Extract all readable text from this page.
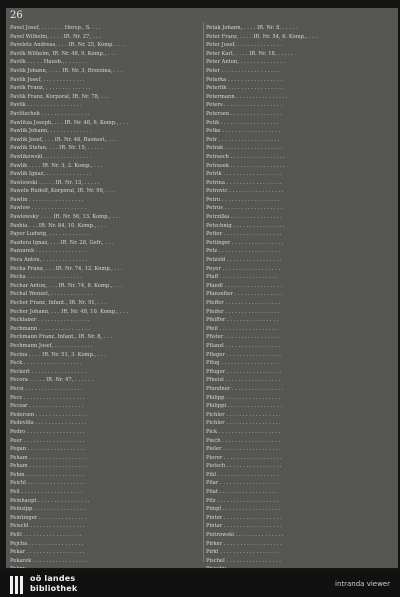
26
Pavel Josef, . . . . . . . Hersp., S. . . .
Pavel Wilhelm, . . . . IR. Nr. 27, . . .
Paveletz Andreas, . . . IR. Nr. 25, Komp. . . .
Pavlik Wilhelm, IR. Nr. 48, 9. Komp., . . .
Pavlik . . . . . Hausb., . . . . . . .
Pavlik Johann, . . . . IR. Nr. 3, Brzezina, . . .
Pavlik Josef, . . . . . . . . . . . . .
Pavlik Franz, . . . . . . . . . . . . . .
Pavlik Franz, Korporal, IR. Nr. 78, . . .
Pavlik . . . . . . . . . . . . . . . . .
Pavlitschek . . . . . . . . . . . . . . .
Pawlitza Joseph, . . . IR. Nr. 48, 6. Komp., . . .
Pawlik Johann, . . . . . . . . . . . . .
Pawlik Josef, . . . IR. Nr. 48, Baonsst., . . .
Pawlik Stefan, . . . IR. Nr. 15, . . . . .
Pawlikowski . . . . . . . . . . . . . . .
Pawlik . . . . IR. Nr. 3, 2. Komp., . . .
Pawlik Ignaz, . . . . . . . . . . . . . .
Pawlowski . . . . . IR. Nr. 13, . . . . .
Paweln Rudolf, Korporal, IR. Nr. 99, . . .
Pawlin . . . . . . . . . . . . . . . . .
Pawlow . . . . . . . . . . . . . . . . .
Pawlowsky . . . . IR. Nr. 56, 13. Komp., . . .
Paxhia . . . IR. Nr. 84, 10. Komp., . . .
Payer Ludwig, . . . . . . . . . . . . .
Pazdera Ignaz, . . . IR. Nr. 28, Gefr., . . .
Pazourek . . . . . . . . . . . . . . . .
Peca Anton, . . . . . . . . . . . . . .
Pecha Franz, . . . IR. Nr. 74, 12. Komp., . . .
Pecha . . . . . . . . . . . . . . . . .
Pechar Anton, . . . IR. Nr. 74, 8. Komp., . . .
Pechal Wenzel, . . . . . . . . . . . . .
Pecher Franz, Infant., IR. Nr. 91, . . .
Pecher Johann, . . . IR. Nr. 48, 10. Komp., . . .
Pechlaner . . . . . . . . . . . . . . . .
Pechmann . . . . . . . . . . . . . . . .
Pechmann Franz, Infant., IR. Nr. 8, . . .
Pechmann Josef, . . . . . . . . . . . .
Pecina . . . . IR. Nr. 51, 3. Komp., . . .
Peck . . . . . . . . . . . . . . . . . .
Peckert . . . . . . . . . . . . . . . . .
Pecora . . . . . IR. Nr. 47, . . . . . .
Pecsi . . . . . . . . . . . . . . . . . .
Pecz . . . . . . . . . . . . . . . . . . .
Peczar . . . . . . . . . . . . . . . . .
Pedersen . . . . . . . . . . . . . . . .
Pedevilla . . . . . . . . . . . . . . . .
Pedro . . . . . . . . . . . . . . . . . .
Peer . . . . . . . . . . . . . . . . . . .
Pegan . . . . . . . . . . . . . . . . . .
Peham . . . . . . . . . . . . . . . . . .
Peham . . . . . . . . . . . . . . . . . .
Pehm . . . . . . . . . . . . . . . . . .
Peichl . . . . . . . . . . . . . . . . . .
Peil . . . . . . . . . . . . . . . . . . .
Peinhaupt . . . . . . . . . . . . . . . .
Peinsipp . . . . . . . . . . . . . . . .
Peintinger . . . . . . . . . . . . . . .
Peischl . . . . . . . . . . . . . . . . .
Peitl . . . . . . . . . . . . . . . . . .
Pejcha . . . . . . . . . . . . . . . . .
Pekar . . . . . . . . . . . . . . . . . .
Pekarek . . . . . . . . . . . . . . . . .
Petak Johann, . . . . IR. Nr. 8, . . . . .
Peter Franz, . . . . IR. Nr. 54, 6. Komp., . . .
Peter Josef, . . . . . . . . . . . . . .
Peter Karl, . . . . IR. Nr. 18, . . . . .
Peter Anton, . . . . . . . . . . . . . .
Peter . . . . . . . . . . . . . . . . . .
Peterka . . . . . . . . . . . . . . . . .
Peterlik . . . . . . . . . . . . . . . . .
Petermann . . . . . . . . . . . . . . . .
Peters . . . . . . . . . . . . . . . . . .
Petersen . . . . . . . . . . . . . . . .
Petik . . . . . . . . . . . . . . . . . .
Petke . . . . . . . . . . . . . . . . . .
Petr . . . . . . . . . . . . . . . . . . .
Petrak . . . . . . . . . . . . . . . . . .
Petrasch . . . . . . . . . . . . . . . . .
Petrasek . . . . . . . . . . . . . . . . .
Petrik . . . . . . . . . . . . . . . . . .
Petrina . . . . . . . . . . . . . . . . .
Petrovic . . . . . . . . . . . . . . . . .
Petru . . . . . . . . . . . . . . . . . .
Petrus . . . . . . . . . . . . . . . . . .
Petrzilka . . . . . . . . . . . . . . . .
Petschnig . . . . . . . . . . . . . . . .
Petter . . . . . . . . . . . . . . . . . .
Pettinger . . . . . . . . . . . . . . . .
Petz . . . . . . . . . . . . . . . . . . .
Petzold . . . . . . . . . . . . . . . . .
Peyer . . . . . . . . . . . . . . . . . .
Pfaff . . . . . . . . . . . . . . . . . .
Pfandl . . . . . . . . . . . . . . . . . .
Pfanzelter . . . . . . . . . . . . . . .
Pfeffer . . . . . . . . . . . . . . . . .
Pfeifer . . . . . . . . . . . . . . . . .
Pfeiffer . . . . . . . . . . . . . . . .
Pfeil . . . . . . . . . . . . . . . . . .
Pfister . . . . . . . . . . . . . . . . .
Pflanzl . . . . . . . . . . . . . . . . .
Pfleger . . . . . . . . . . . . . . . . .
Pflug . . . . . . . . . . . . . . . . . .
Pfluger . . . . . . . . . . . . . . . . .
Pfneisl . . . . . . . . . . . . . . . . .
Pfundner . . . . . . . . . . . . . . . .
Philipp . . . . . . . . . . . . . . . . .
Philippi . . . . . . . . . . . . . . . . .
Pichler . . . . . . . . . . . . . . . . .
Pichler . . . . . . . . . . . . . . . . .
Pick . . . . . . . . . . . . . . . . . . .
Piech . . . . . . . . . . . . . . . . . .
Pieler . . . . . . . . . . . . . . . . . .
Pierer . . . . . . . . . . . . . . . . . .
Pietsch . . . . . . . . . . . . . . . . .
Pihl . . . . . . . . . . . . . . . . . . .
Pilar . . . . . . . . . . . . . . . . . .
Pilat . . . . . . . . . . . . . . . . . .
Pilz . . . . . . . . . . . . . . . . . . .
Pimpl . . . . . . . . . . . . . . . . . .
Pinter . . . . . . . . . . . . . . . . . .
Pintar . . . . . . . . . . . . . . . . . .
Piotrowski . . . . . . . . . . . . . . .
Pirker . . . . . . . . . . . . . . . . . .
Pirkl . . . . . . . . . . . . . . . . . .
Pischel . . . . . . . . . . . . . . . . .
oö landes
bibliothek	intranda viewer
